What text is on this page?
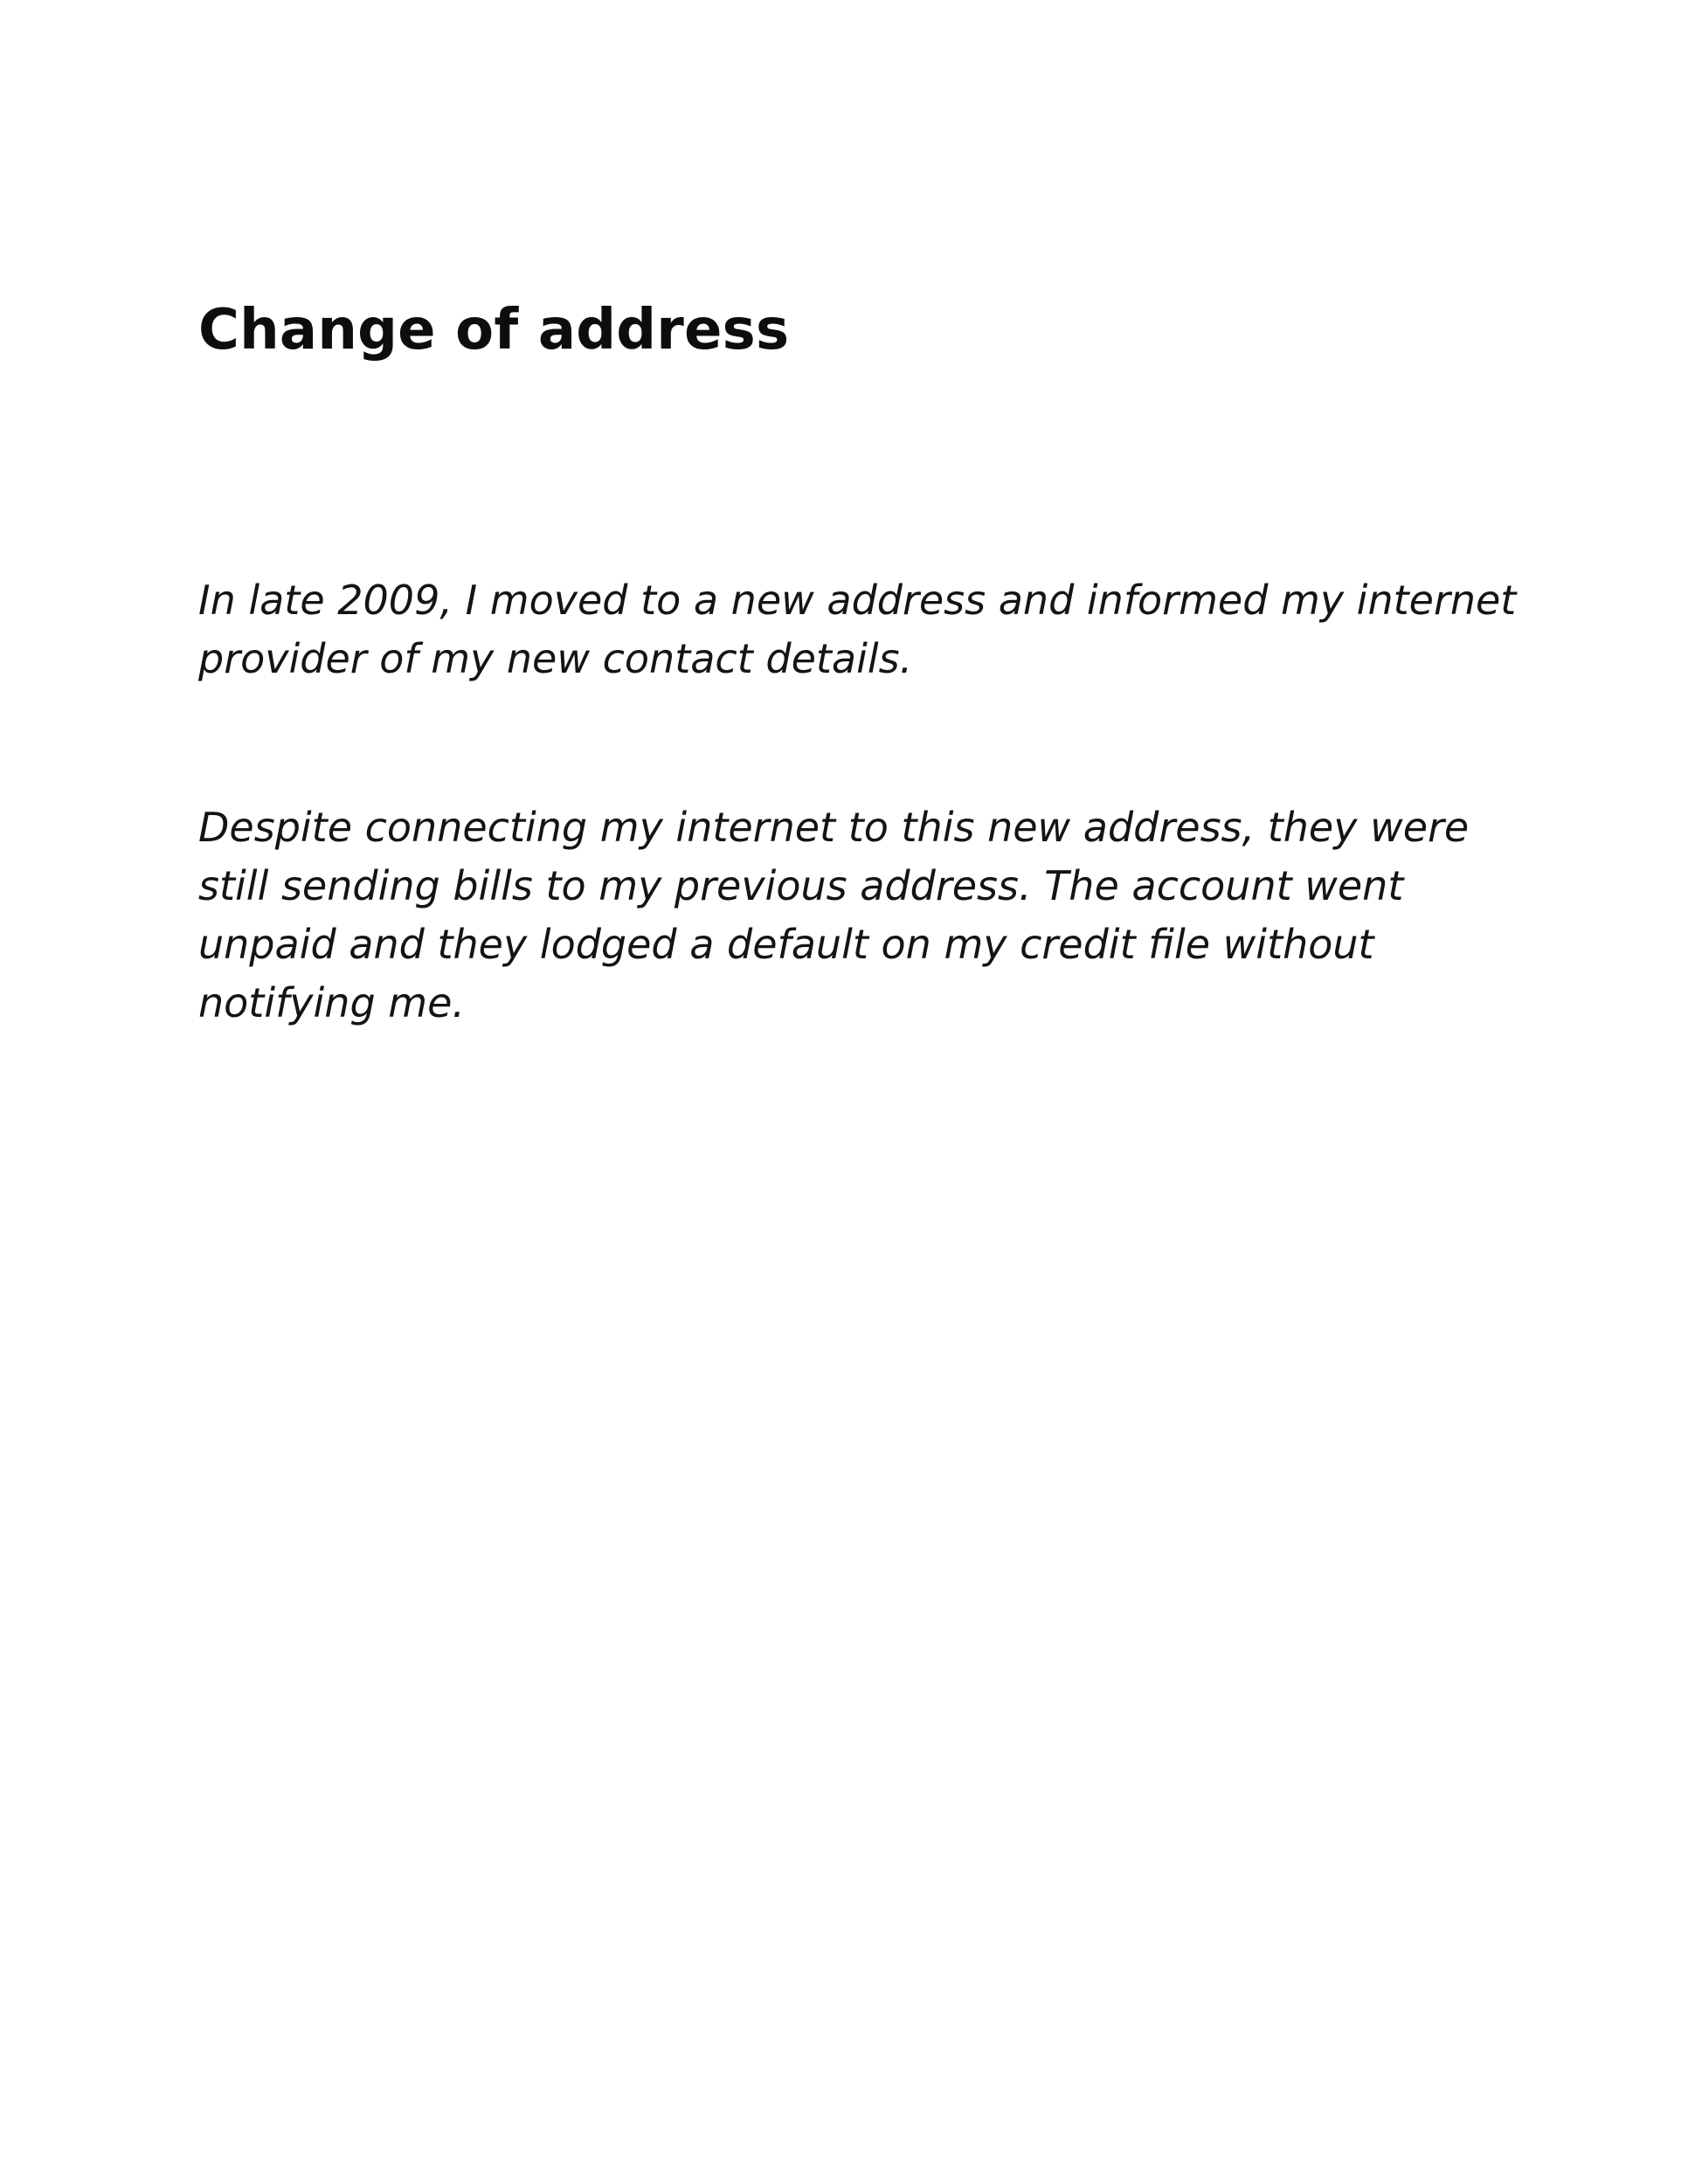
Change of address

In late 2009, I moved to a new address and informed my internet provider of my new contact details.

Despite connecting my internet to this new address, they were still sending bills to my previous address. The account went unpaid and they lodged a default on my credit file without notifying me.
